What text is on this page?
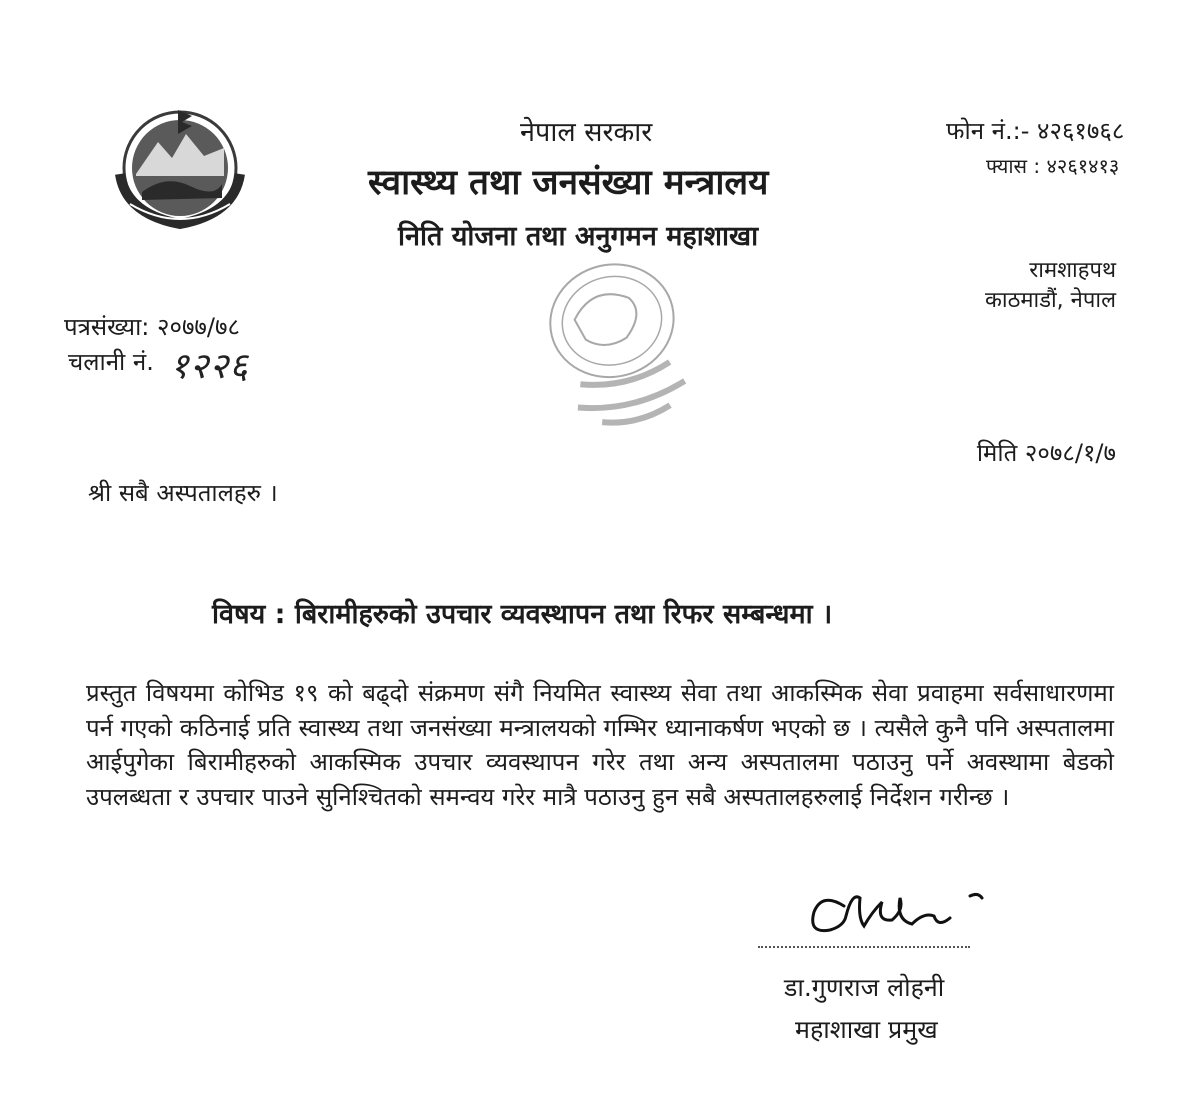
नेपाल सरकार
स्वास्थ्य तथा जनसंख्या मन्त्रालय
निति योजना तथा अनुगमन महाशाखा
फोन नं.:- ४२६१७६८
फ्यास : ४२६१४१३
रामशाहपथ
काठमाडौं, नेपाल
पत्रसंख्या: २०७७/७८
चलानी नं. १२२६
मिति २०७८/१/७
श्री सबै अस्पतालहरु ।
विषय : बिरामीहरुको उपचार व्यवस्थापन तथा रिफर सम्बन्धमा ।
प्रस्तुत विषयमा कोभिड १९ को बढ्दो संक्रमण संगै नियमित स्वास्थ्य सेवा तथा आकस्मिक सेवा प्रवाहमा सर्वसाधारणमा पर्न गएको कठिनाई प्रति स्वास्थ्य तथा जनसंख्या मन्त्रालयको गम्भिर ध्यानाकर्षण भएको छ । त्यसैले कुनै पनि अस्पतालमा आईपुगेका बिरामीहरुको आकस्मिक उपचार व्यवस्थापन गरेर तथा अन्य अस्पतालमा पठाउनु पर्ने अवस्थामा बेडको उपलब्धता र उपचार पाउने सुनिश्चितको समन्वय गरेर मात्रै पठाउनु हुन सबै अस्पतालहरुलाई निर्देशन गरीन्छ ।
डा.गुणराज लोहनी
महाशाखा प्रमुख
